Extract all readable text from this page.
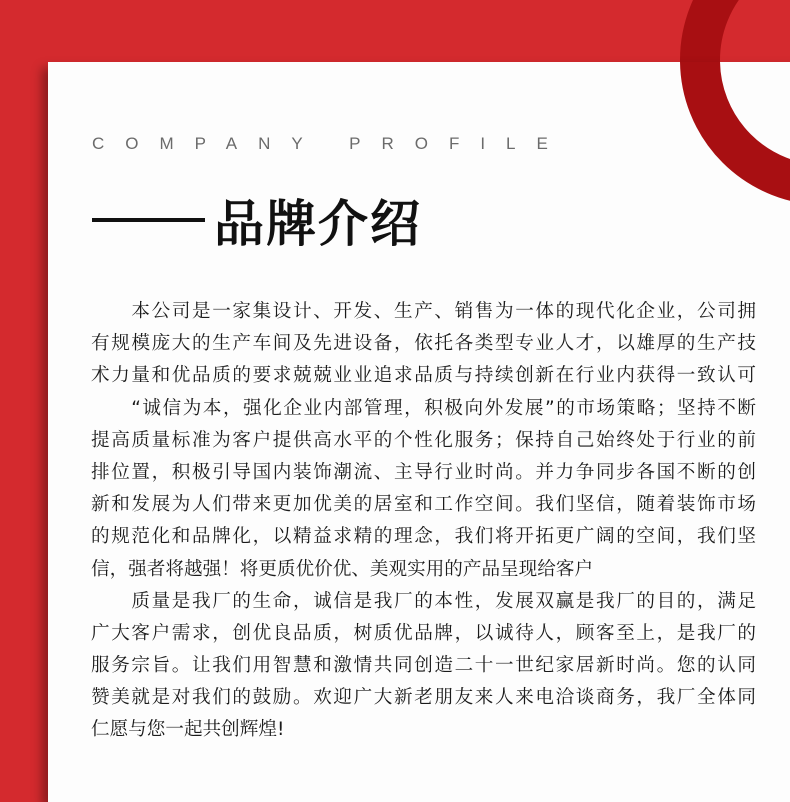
COMPANY PROFILE
品牌介绍
　　本公司是一家集设计、开发、生产、销售为一体的现代化企业，公司拥
有规模庞大的生产车间及先进设备，依托各类型专业人才，以雄厚的生产技
术力量和优品质的要求兢兢业业追求品质与持续创新在行业内获得一致认可
　　“诚信为本，强化企业内部管理，积极向外发展”的市场策略；坚持不断
提高质量标准为客户提供高水平的个性化服务；保持自己始终处于行业的前
排位置，积极引导国内装饰潮流、主导行业时尚。并力争同步各国不断的创
新和发展为人们带来更加优美的居室和工作空间。我们坚信，随着装饰市场
的规范化和品牌化，以精益求精的理念，我们将开拓更广阔的空间，我们坚
信，强者将越强！将更质优价优、美观实用的产品呈现给客户
　　质量是我厂的生命，诚信是我厂的本性，发展双赢是我厂的目的，满足
广大客户需求，创优良品质，树质优品牌，以诚待人，顾客至上，是我厂的
服务宗旨。让我们用智慧和激情共同创造二十一世纪家居新时尚。您的认同
赞美就是对我们的鼓励。欢迎广大新老朋友来人来电洽谈商务，我厂全体同
仁愿与您一起共创辉煌!
